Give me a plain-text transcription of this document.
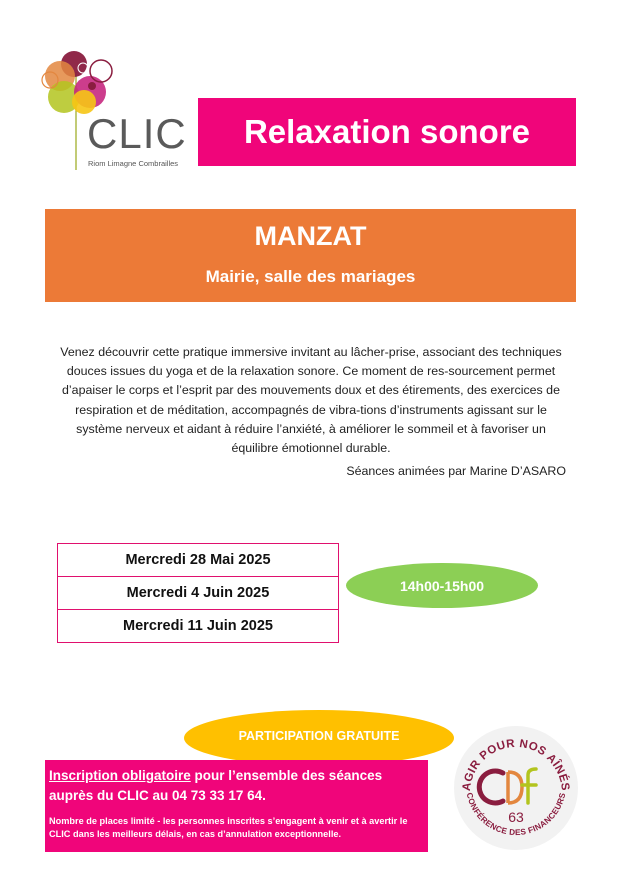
CLIC
Riom Limagne Combrailles
Relaxation sonore
MANZAT
Mairie, salle des mariages
Venez découvrir cette pratique immersive invitant au lâcher-prise, associant des techniques douces issues du yoga et de la relaxation sonore. Ce moment de res-sourcement permet d’apaiser le corps et l’esprit par des mouvements doux et des étirements, des exercices de respiration et de méditation, accompagnés de vibra-tions d’instruments agissant sur le système nerveux et aidant à réduire l’anxiété, à améliorer le sommeil et à favoriser un équilibre émotionnel durable.
Séances animées par Marine D’ASARO
Mercredi 28 Mai 2025
Mercredi 4 Juin 2025
Mercredi 11 Juin 2025
14h00-15h00
PARTICIPATION GRATUITE
Inscription obligatoire pour l’ensemble des séances
auprès du CLIC au 04 73 33 17 64.
Nombre de places limité - les personnes inscrites s’engagent à venir et à avertir le CLIC dans les meilleurs délais, en cas d’annulation exceptionnelle.
AGIR POUR NOS AÎNÉS
CONFÉRENCE DES FINANCEURS
63
